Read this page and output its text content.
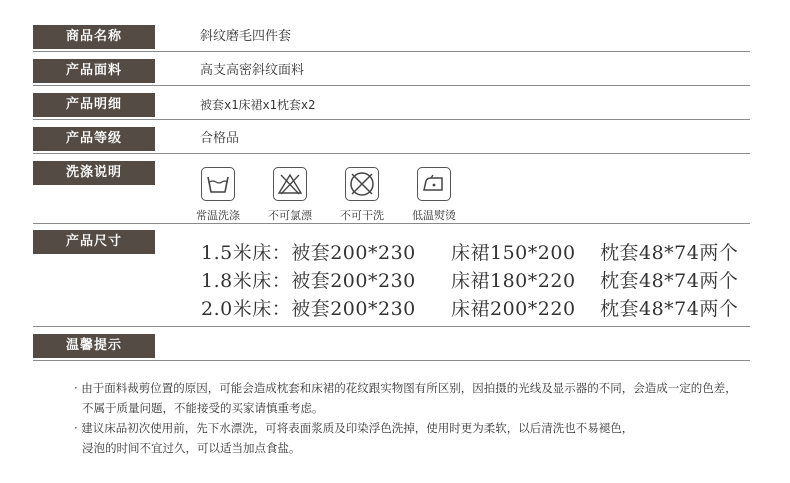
商品名称	斜纹磨毛四件套
产品面料	高支高密斜纹面料
产品明细	被套x1床裙x1枕套x2
产品等级	合格品
洗涤说明
常温洗涤	不可氯漂	不可干洗	低温熨烫
产品尺寸
1.5米床：被套200*230 床裙150*200 枕套48*74两个
1.8米床：被套200*230 床裙180*220 枕套48*74两个
2.0米床：被套200*230 床裙200*220 枕套48*74两个
温馨提示
· 由于面料裁剪位置的原因，可能会造成枕套和床裙的花纹跟实物图有所区别，因拍摄的光线及显示器的不同，会造成一定的色差，
不属于质量问题，不能接受的买家请慎重考虑。
· 建议床品初次使用前，先下水漂洗，可将表面浆质及印染浮色洗掉，使用时更为柔软，以后清洗也不易褪色，
浸泡的时间不宜过久，可以适当加点食盐。
